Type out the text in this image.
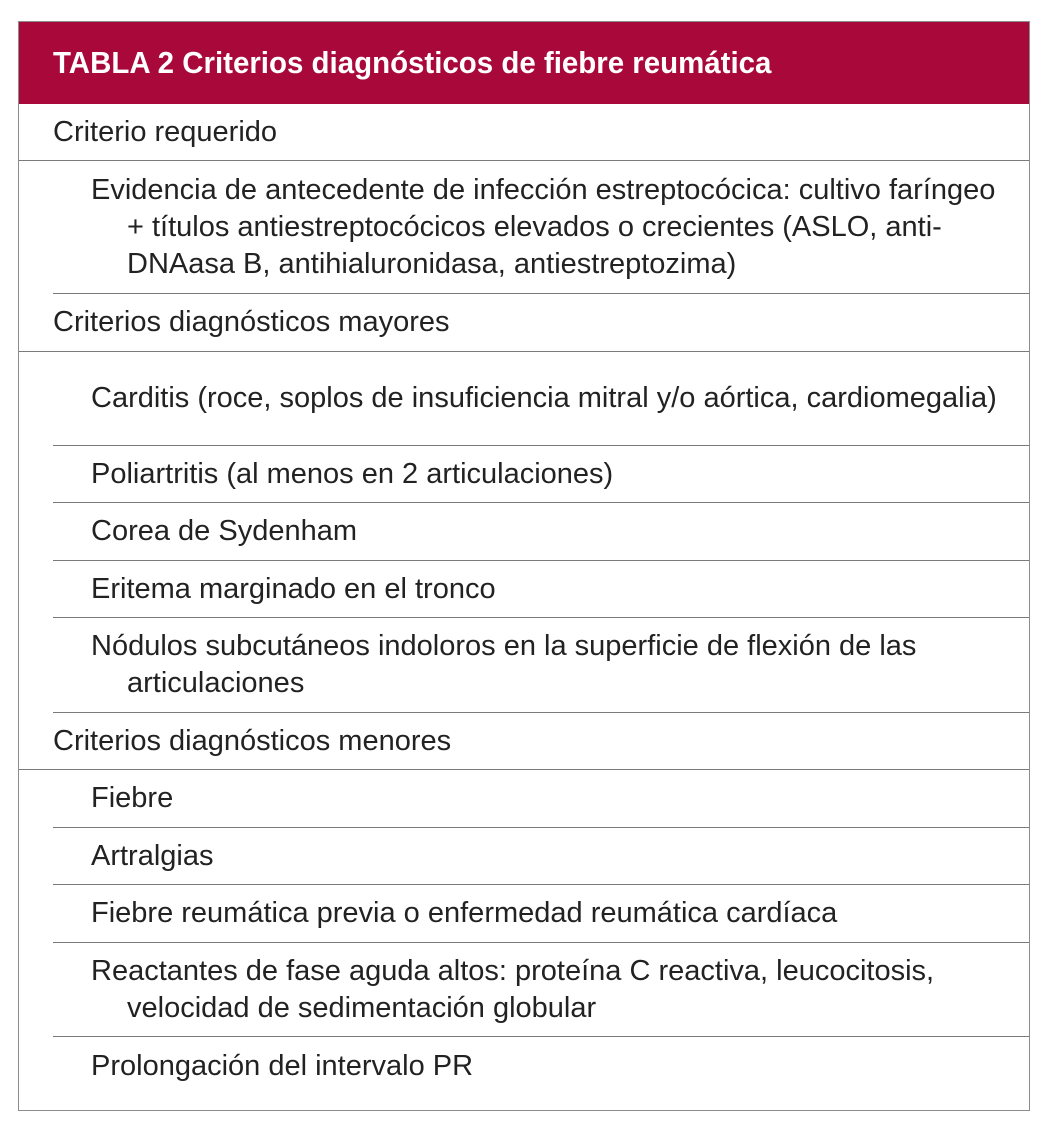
TABLA 2 Criterios diagnósticos de fiebre reumática
Criterio requerido
Evidencia de antecedente de infección estreptocócica: cultivo faríngeo + títulos antiestreptocócicos elevados o crecientes (ASLO, anti-DNAasa B, antihialuronidasa, antiestreptozima)
Criterios diagnósticos mayores
Carditis (roce, soplos de insuficiencia mitral y/o aórtica, cardiomegalia)
Poliartritis (al menos en 2 articulaciones)
Corea de Sydenham
Eritema marginado en el tronco
Nódulos subcutáneos indoloros en la superficie de flexión de las articulaciones
Criterios diagnósticos menores
Fiebre
Artralgias
Fiebre reumática previa o enfermedad reumática cardíaca
Reactantes de fase aguda altos: proteína C reactiva, leucocitosis, velocidad de sedimentación globular
Prolongación del intervalo PR
